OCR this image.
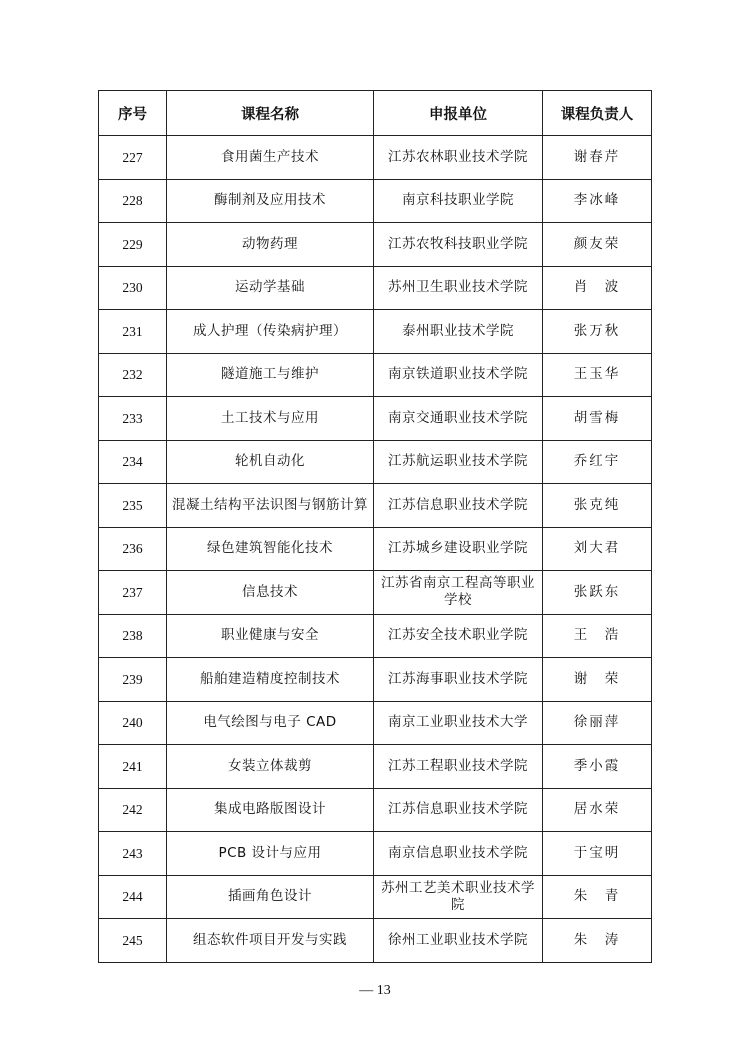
序号	课程名称	申报单位	课程负责人
227	食用菌生产技术	江苏农林职业技术学院	谢春芹
228	酶制剂及应用技术	南京科技职业学院	李冰峰
229	动物药理	江苏农牧科技职业学院	颜友荣
230	运动学基础	苏州卫生职业技术学院	肖　波
231	成人护理（传染病护理）	泰州职业技术学院	张万秋
232	隧道施工与维护	南京铁道职业技术学院	王玉华
233	土工技术与应用	南京交通职业技术学院	胡雪梅
234	轮机自动化	江苏航运职业技术学院	乔红宇
235	混凝土结构平法识图与钢筋计算	江苏信息职业技术学院	张克纯
236	绿色建筑智能化技术	江苏城乡建设职业学院	刘大君
237	信息技术	江苏省南京工程高等职业学校	张跃东
238	职业健康与安全	江苏安全技术职业学院	王　浩
239	船舶建造精度控制技术	江苏海事职业技术学院	谢　荣
240	电气绘图与电子 CAD	南京工业职业技术大学	徐丽萍
241	女装立体裁剪	江苏工程职业技术学院	季小霞
242	集成电路版图设计	江苏信息职业技术学院	居水荣
243	PCB 设计与应用	南京信息职业技术学院	于宝明
244	插画角色设计	苏州工艺美术职业技术学院	朱　青
245	组态软件项目开发与实践	徐州工业职业技术学院	朱　涛
— 13
